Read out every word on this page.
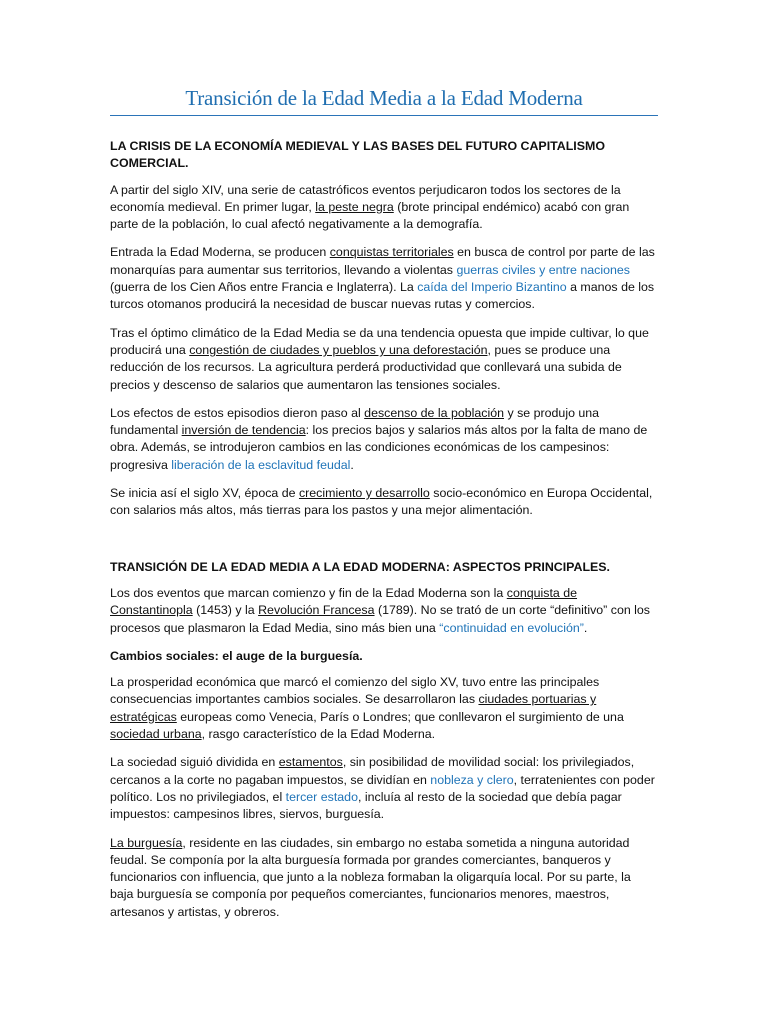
Transición de la Edad Media a la Edad Moderna
LA CRISIS DE LA ECONOMÍA MEDIEVAL Y LAS BASES DEL FUTURO CAPITALISMO COMERCIAL.

A partir del siglo XIV, una serie de catastróficos eventos perjudicaron todos los sectores de la economía medieval. En primer lugar, la peste negra (brote principal endémico) acabó con gran parte de la población, lo cual afectó negativamente a la demografía.

Entrada la Edad Moderna, se producen conquistas territoriales en busca de control por parte de las monarquías para aumentar sus territorios, llevando a violentas guerras civiles y entre naciones (guerra de los Cien Años entre Francia e Inglaterra). La caída del Imperio Bizantino a manos de los turcos otomanos producirá la necesidad de buscar nuevas rutas y comercios.

Tras el óptimo climático de la Edad Media se da una tendencia opuesta que impide cultivar, lo que producirá una congestión de ciudades y pueblos y una deforestación, pues se produce una reducción de los recursos. La agricultura perderá productividad que conllevará una subida de precios y descenso de salarios que aumentaron las tensiones sociales.

Los efectos de estos episodios dieron paso al descenso de la población y se produjo una fundamental inversión de tendencia: los precios bajos y salarios más altos por la falta de mano de obra. Además, se introdujeron cambios en las condiciones económicas de los campesinos: progresiva liberación de la esclavitud feudal.

Se inicia así el siglo XV, época de crecimiento y desarrollo socio-económico en Europa Occidental, con salarios más altos, más tierras para los pastos y una mejor alimentación.

TRANSICIÓN DE LA EDAD MEDIA A LA EDAD MODERNA: ASPECTOS PRINCIPALES.

Los dos eventos que marcan comienzo y fin de la Edad Moderna son la conquista de Constantinopla (1453) y la Revolución Francesa (1789). No se trató de un corte “definitivo” con los procesos que plasmaron la Edad Media, sino más bien una “continuidad en evolución”.

Cambios sociales: el auge de la burguesía.

La prosperidad económica que marcó el comienzo del siglo XV, tuvo entre las principales consecuencias importantes cambios sociales. Se desarrollaron las ciudades portuarias y estratégicas europeas como Venecia, París o Londres; que conllevaron el surgimiento de una sociedad urbana, rasgo característico de la Edad Moderna.

La sociedad siguió dividida en estamentos, sin posibilidad de movilidad social: los privilegiados, cercanos a la corte no pagaban impuestos, se dividían en nobleza y clero, terratenientes con poder político. Los no privilegiados, el tercer estado, incluía al resto de la sociedad que debía pagar impuestos: campesinos libres, siervos, burguesía.

La burguesía, residente en las ciudades, sin embargo no estaba sometida a ninguna autoridad feudal. Se componía por la alta burguesía formada por grandes comerciantes, banqueros y funcionarios con influencia, que junto a la nobleza formaban la oligarquía local. Por su parte, la baja burguesía se componía por pequeños comerciantes, funcionarios menores, maestros, artesanos y artistas, y obreros.
